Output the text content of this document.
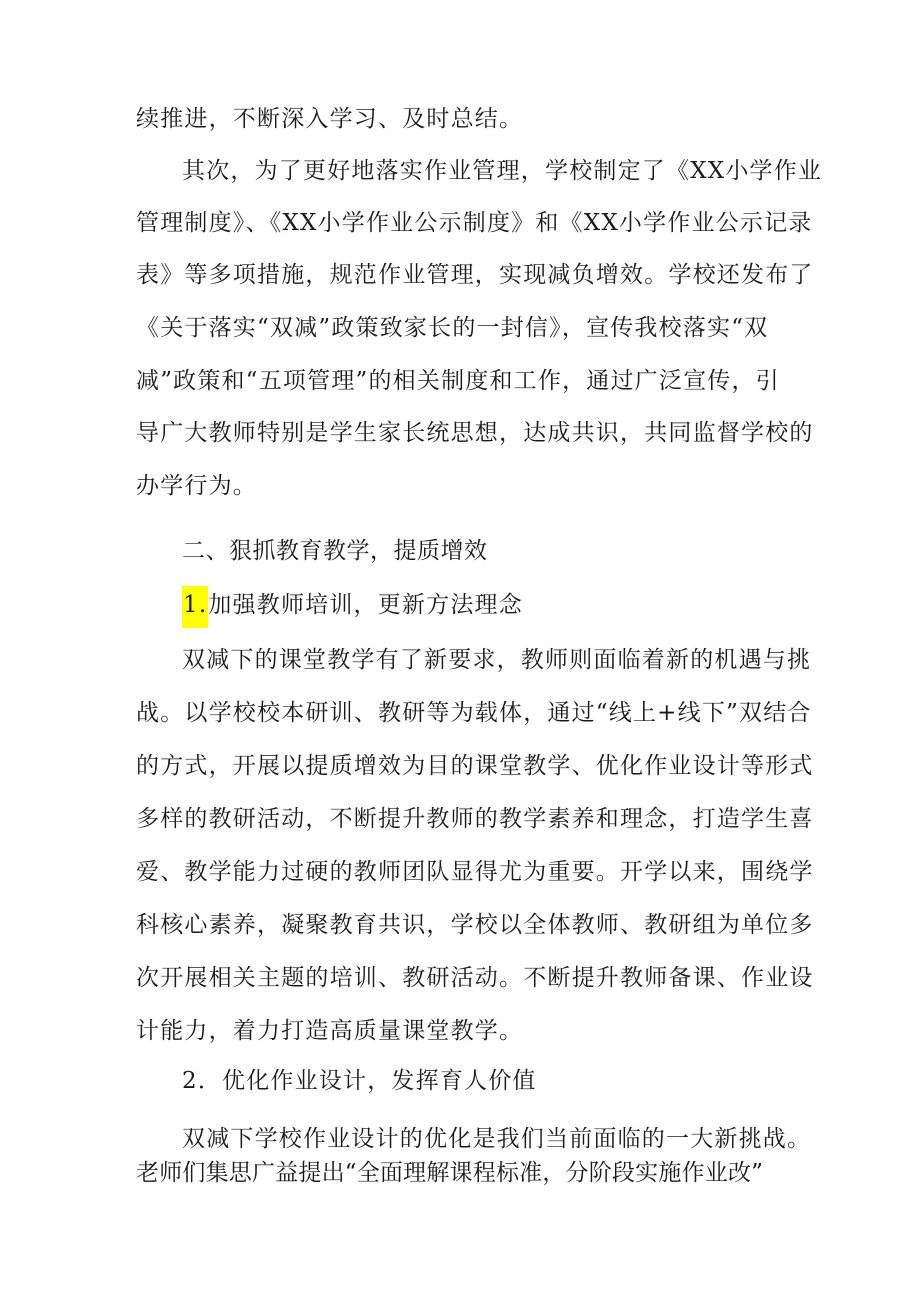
续推进，不断深入学习、及时总结。
其次，为了更好地落实作业管理，学校制定了《XX小学作业
管理制度》、《XX小学作业公示制度》和《XX小学作业公示记录
表》等多项措施，规范作业管理，实现减负增效。学校还发布了
《关于落实“双减”政策致家长的一封信》，宣传我校落实“双
减”政策和“五项管理”的相关制度和工作，通过广泛宣传，引
导广大教师特别是学生家长统思想，达成共识，共同监督学校的
办学行为。
二、狠抓教育教学，提质增效
1.加强教师培训，更新方法理念
双减下的课堂教学有了新要求，教师则面临着新的机遇与挑
战。以学校校本研训、教研等为载体，通过“线上+线下”双结合
的方式，开展以提质增效为目的课堂教学、优化作业设计等形式
多样的教研活动，不断提升教师的教学素养和理念，打造学生喜
爱、教学能力过硬的教师团队显得尤为重要。开学以来，围绕学
科核心素养，凝聚教育共识，学校以全体教师、教研组为单位多
次开展相关主题的培训、教研活动。不断提升教师备课、作业设
计能力，着力打造高质量课堂教学。
2．优化作业设计，发挥育人价值
双减下学校作业设计的优化是我们当前面临的一大新挑战。
老师们集思广益提出“全面理解课程标准，分阶段实施作业改”
